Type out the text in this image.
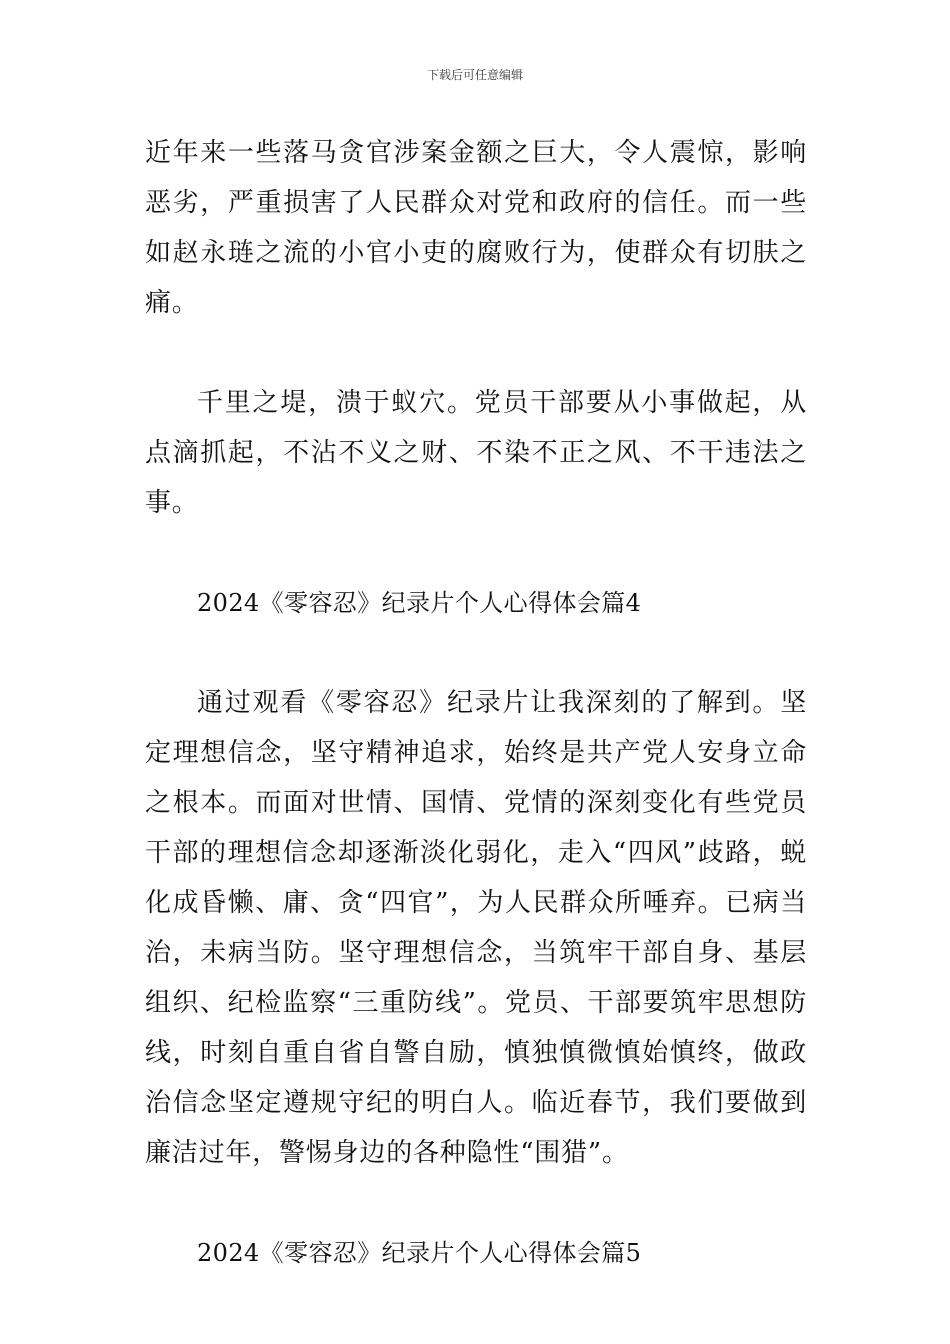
下载后可任意编辑

近年来一些落马贪官涉案金额之巨大，令人震惊，影响恶劣，严重损害了人民群众对党和政府的信任。而一些如赵永琏之流的小官小吏的腐败行为，使群众有切肤之痛。

千里之堤，溃于蚁穴。党员干部要从小事做起，从点滴抓起，不沾不义之财、不染不正之风、不干违法之事。

2024《零容忍》纪录片个人心得体会篇4

通过观看《零容忍》纪录片让我深刻的了解到。坚定理想信念，坚守精神追求，始终是共产党人安身立命之根本。而面对世情、国情、党情的深刻变化有些党员干部的理想信念却逐渐淡化弱化，走入“四风”歧路，蜕化成昏懒、庸、贪“四官”，为人民群众所唾弃。已病当治，未病当防。坚守理想信念，当筑牢干部自身、基层组织、纪检监察“三重防线”。党员、干部要筑牢思想防线，时刻自重自省自警自励，慎独慎微慎始慎终，做政治信念坚定遵规守纪的明白人。临近春节，我们要做到廉洁过年，警惕身边的各种隐性“围猎”。

2024《零容忍》纪录片个人心得体会篇5
